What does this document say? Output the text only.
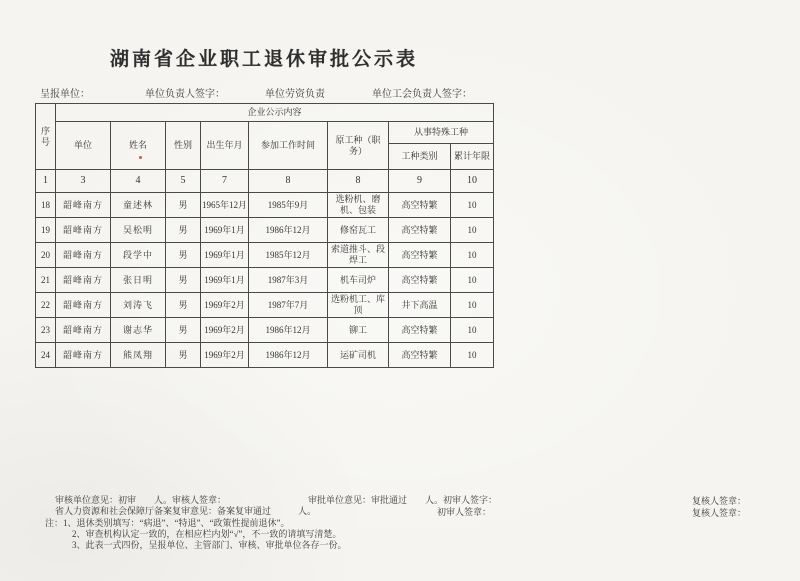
湖南省企业职工退休审批公示表
呈报单位：	单位负责人签字：	单位劳资负责	单位工会负责人签字：
序号	企业公示内容							
	单位	姓名	性别	出生年月	参加工作时间	原工种（职务）	从事特殊工种	
							工种类别	累计年限
1	3	4	5	7	8	8	9	10
18	韶峰南方	童述林	男	1965年12月	1985年9月	选粉机、磨机、包装	高空特繁	10
19	韶峰南方	吴松明	男	1969年1月	1986年12月	修窑瓦工	高空特繁	10
20	韶峰南方	段学中	男	1969年1月	1985年12月	索道推斗、段焊工	高空特繁	10
21	韶峰南方	张日明	男	1969年1月	1987年3月	机车司炉	高空特繁	10
22	韶峰南方	刘涛飞	男	1969年2月	1987年7月	选粉机工、库顶	井下高温	10
23	韶峰南方	谢志华	男	1969年2月	1986年12月	铆工	高空特繁	10
24	韶峰南方	熊凤翔	男	1969年2月	1986年12月	运矿司机	高空特繁	10
审核单位意见：初审　　人。审核人签章：	审批单位意见：审批通过　　人。初审人签字：	复核人签章：
省人力资源和社会保障厅备案复审意见：备案复审通过　　　人。	初审人签章：	复核人签章：
注：1、退休类别填写：“病退”、“特退”、“政策性提前退休”。
2、审查机构认定一致的，在相应栏内划“√”，不一致的请填写清楚。
3、此表一式四份，呈报单位、主管部门、审核、审批单位各存一份。
